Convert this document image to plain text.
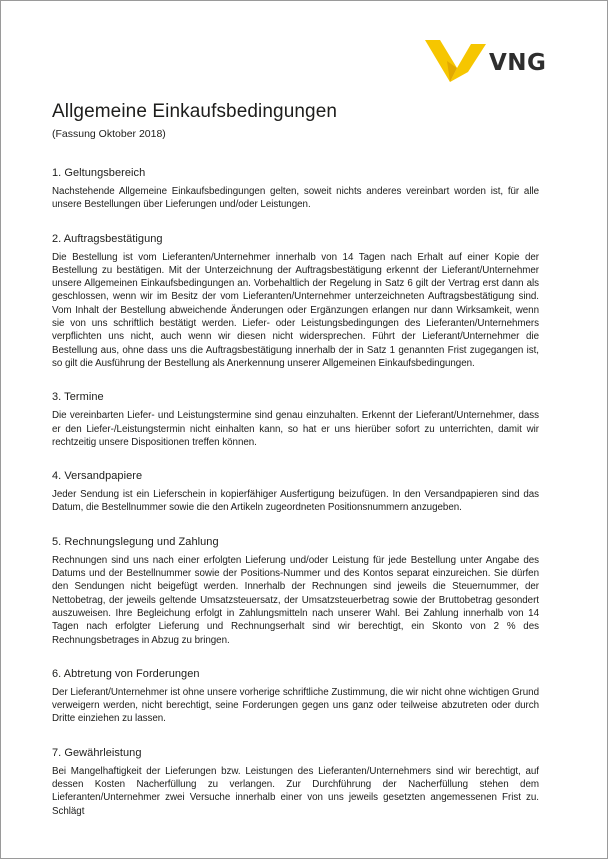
VNG
Allgemeine Einkaufsbedingungen
(Fassung Oktober 2018)
1. Geltungsbereich

Nachstehende Allgemeine Einkaufsbedingungen gelten, soweit nichts anderes vereinbart worden ist, für alle unsere Bestellungen über Lieferungen und/oder Leistungen.

2. Auftragsbestätigung

Die Bestellung ist vom Lieferanten/Unternehmer innerhalb von 14 Tagen nach Erhalt auf einer Kopie der Bestellung zu bestätigen. Mit der Unterzeichnung der Auftragsbestätigung erkennt der Lieferant/Unternehmer unsere Allgemeinen Einkaufsbedingungen an. Vorbehaltlich der Regelung in Satz 6 gilt der Vertrag erst dann als geschlossen, wenn wir im Besitz der vom Lieferanten/Unternehmer unterzeichneten Auftragsbestätigung sind. Vom Inhalt der Bestellung abweichende Änderungen oder Ergänzungen erlangen nur dann Wirksamkeit, wenn sie von uns schriftlich bestätigt werden. Liefer- oder Leistungsbedingungen des Lieferanten/Unternehmers verpflichten uns nicht, auch wenn wir diesen nicht widersprechen. Führt der Lieferant/Unternehmer die Bestellung aus, ohne dass uns die Auftragsbestätigung innerhalb der in Satz 1 genannten Frist zugegangen ist, so gilt die Ausführung der Bestellung als Anerkennung unserer Allgemeinen Einkaufsbedingungen.

3. Termine

Die vereinbarten Liefer- und Leistungstermine sind genau einzuhalten. Erkennt der Lieferant/Unternehmer, dass er den Liefer-/Leistungstermin nicht einhalten kann, so hat er uns hierüber sofort zu unterrichten, damit wir rechtzeitig unsere Dispositionen treffen können.

4. Versandpapiere

Jeder Sendung ist ein Lieferschein in kopierfähiger Ausfertigung beizufügen. In den Versandpapieren sind das Datum, die Bestellnummer sowie die den Artikeln zugeordneten Positionsnummern anzugeben.

5. Rechnungslegung und Zahlung

Rechnungen sind uns nach einer erfolgten Lieferung und/oder Leistung für jede Bestellung unter Angabe des Datums und der Bestellnummer sowie der Positions-Nummer und des Kontos separat einzureichen. Sie dürfen den Sendungen nicht beigefügt werden. Innerhalb der Rechnungen sind jeweils die Steuernummer, der Nettobetrag, der jeweils geltende Umsatzsteuersatz, der Umsatzsteuerbetrag sowie der Bruttobetrag gesondert auszuweisen. Ihre Begleichung erfolgt in Zahlungsmitteln nach unserer Wahl. Bei Zahlung innerhalb von 14 Tagen nach erfolgter Lieferung und Rechnungserhalt sind wir berechtigt, ein Skonto von 2 % des Rechnungsbetrages in Abzug zu bringen.

6. Abtretung von Forderungen

Der Lieferant/Unternehmer ist ohne unsere vorherige schriftliche Zustimmung, die wir nicht ohne wichtigen Grund verweigern werden, nicht berechtigt, seine Forderungen gegen uns ganz oder teilweise abzutreten oder durch Dritte einziehen zu lassen.

7. Gewährleistung

Bei Mangelhaftigkeit der Lieferungen bzw. Leistungen des Lieferanten/Unternehmers sind wir berechtigt, auf dessen Kosten Nacherfüllung zu verlangen. Zur Durchführung der Nacherfüllung stehen dem Lieferanten/Unternehmer zwei Versuche innerhalb einer von uns jeweils gesetzten angemessenen Frist zu. Schlägt
